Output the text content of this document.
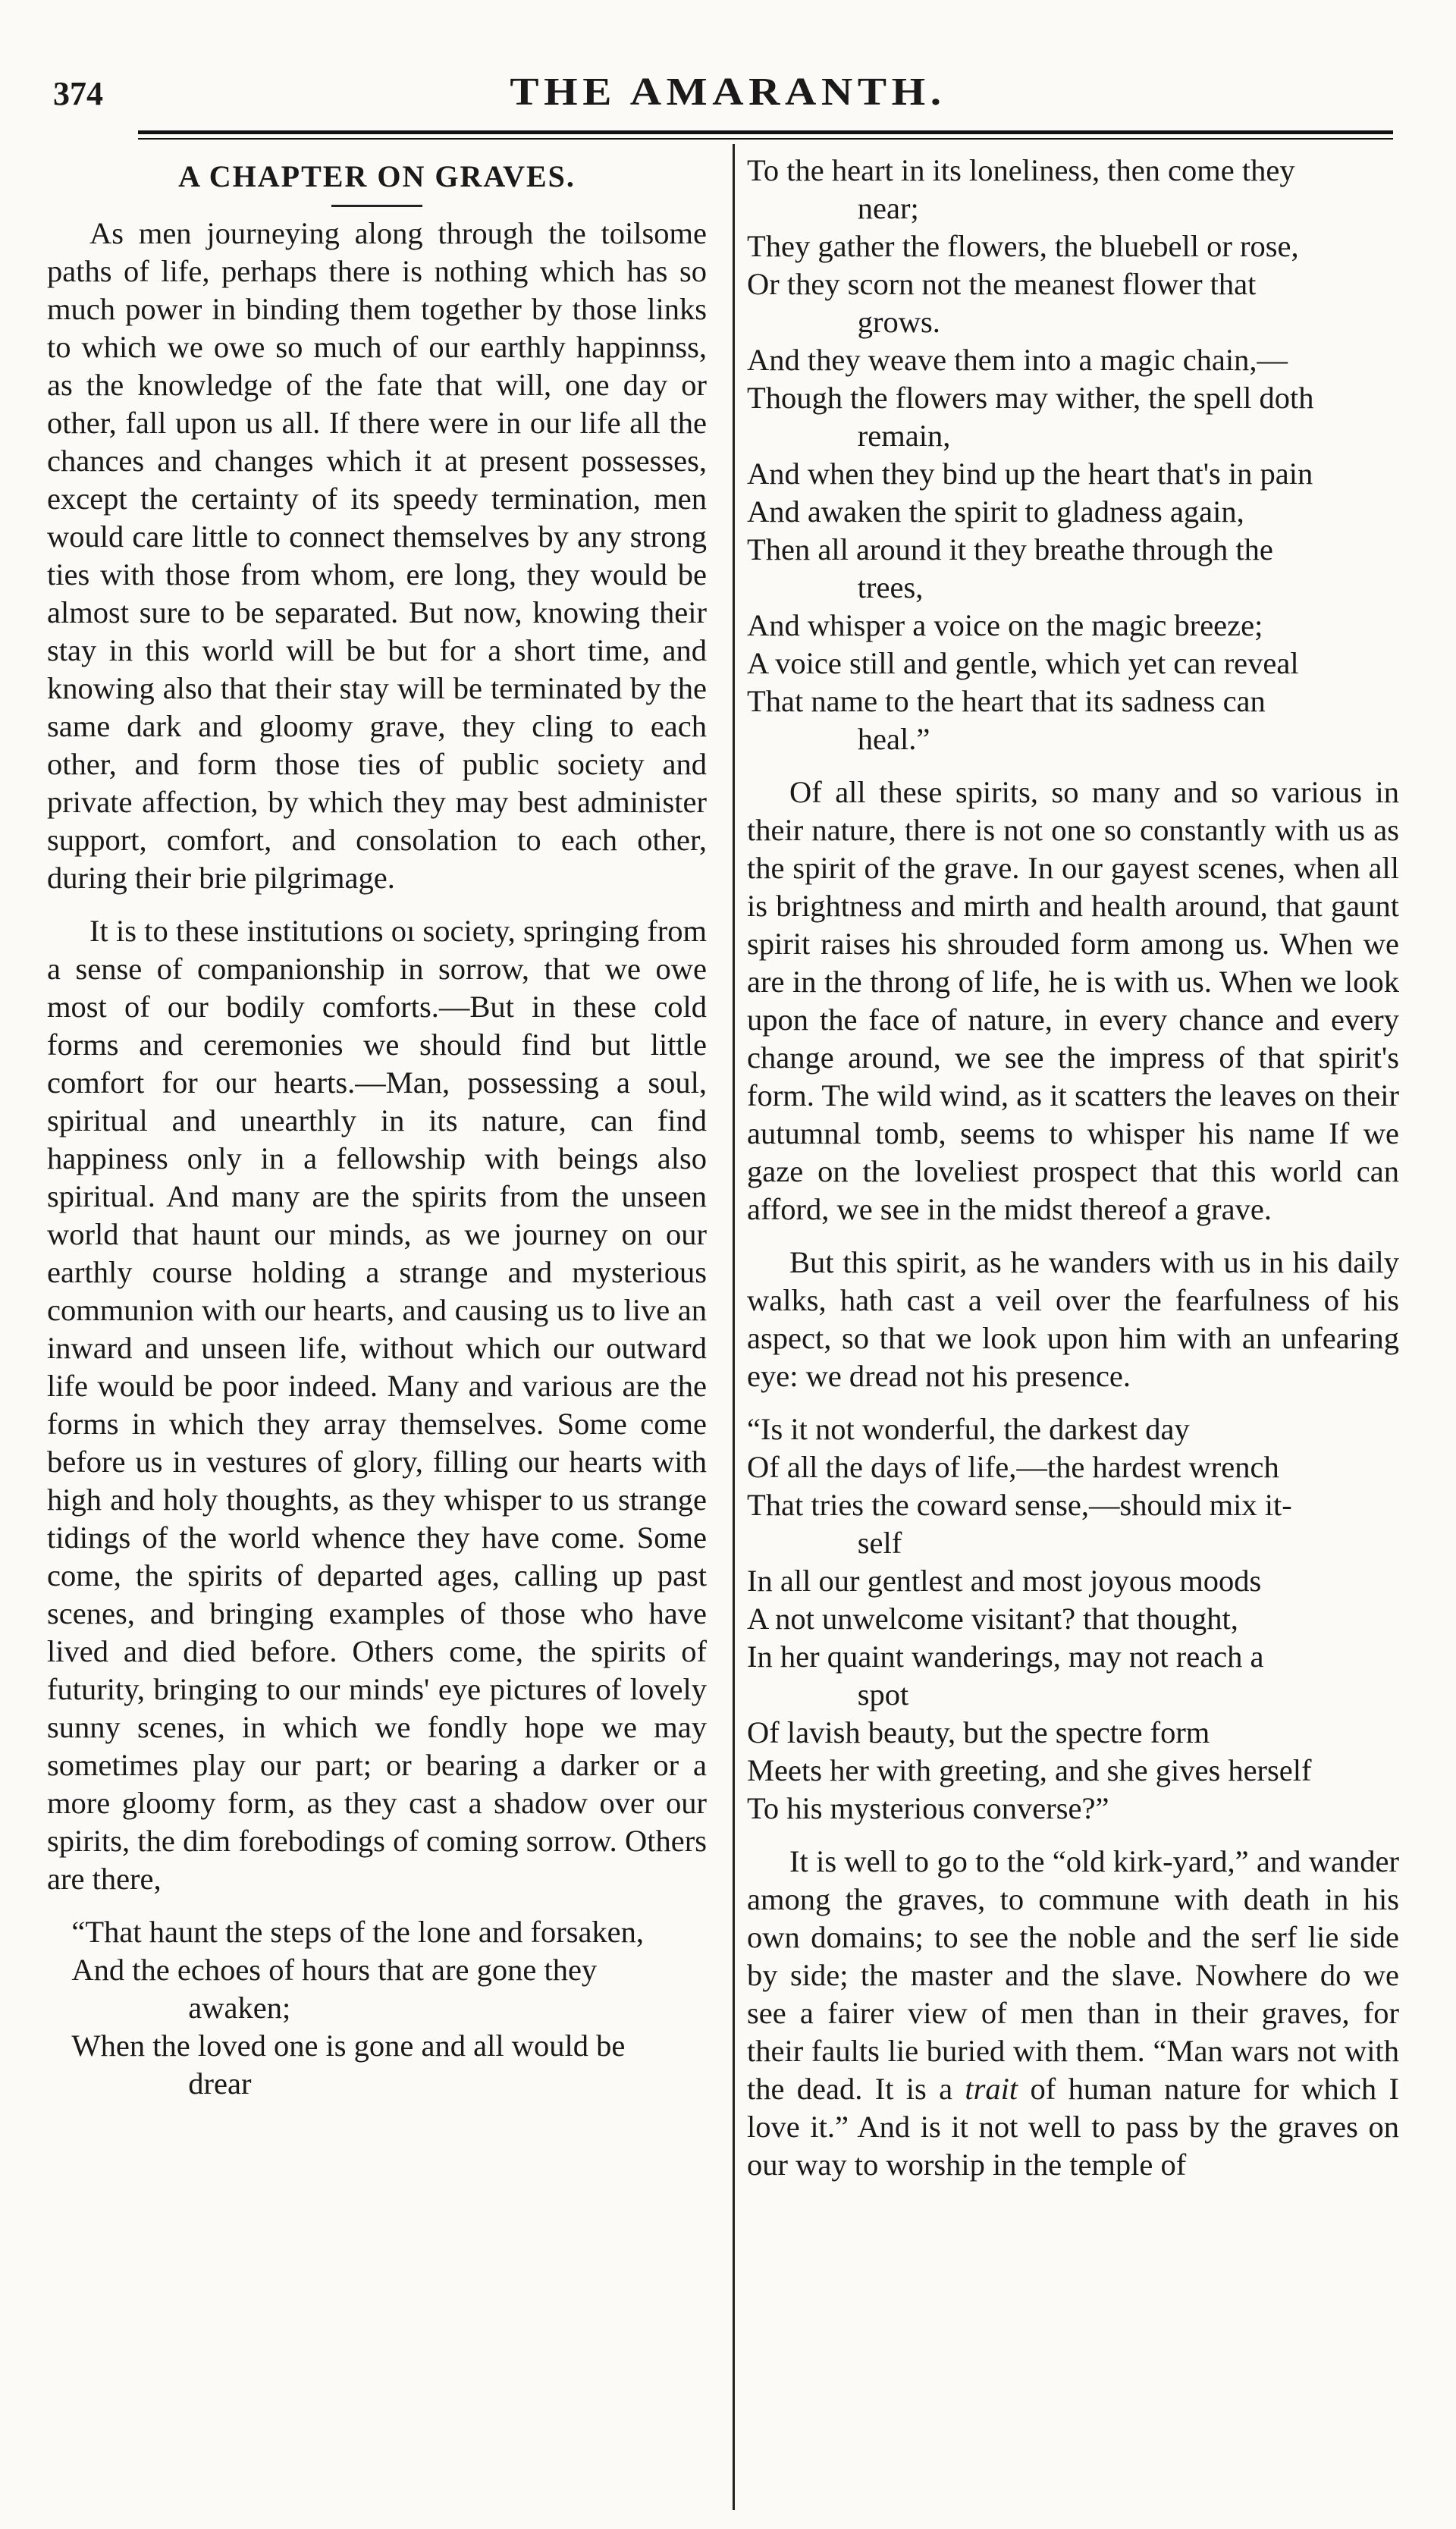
374	THE AMARANTH.
A CHAPTER ON GRAVES.

As men journeying along through the toilsome paths of life, perhaps there is nothing which has so much power in binding them together by those links to which we owe so much of our earthly happinnss, as the knowledge of the fate that will, one day or other, fall upon us all. If there were in our life all the chances and changes which it at present possesses, except the certainty of its speedy termination, men would care little to connect themselves by any strong ties with those from whom, ere long, they would be almost sure to be separated. But now, knowing their stay in this world will be but for a short time, and knowing also that their stay will be terminated by the same dark and gloomy grave, they cling to each other, and form those ties of public society and private affection, by which they may best administer support, comfort, and consolation to each other, during their brie pilgrimage.

It is to these institutions oı society, springing from a sense of companionship in sorrow, that we owe most of our bodily comforts.—But in these cold forms and ceremonies we should find but little comfort for our hearts.—Man, possessing a soul, spiritual and unearthly in its nature, can find happiness only in a fellowship with beings also spiritual. And many are the spirits from the unseen world that haunt our minds, as we journey on our earthly course holding a strange and mysterious communion with our hearts, and causing us to live an inward and unseen life, without which our outward life would be poor indeed. Many and various are the forms in which they array themselves. Some come before us in vestures of glory, filling our hearts with high and holy thoughts, as they whisper to us strange tidings of the world whence they have come. Some come, the spirits of departed ages, calling up past scenes, and bringing examples of those who have lived and died before. Others come, the spirits of futurity, bringing to our minds' eye pictures of lovely sunny scenes, in which we fondly hope we may sometimes play our part; or bearing a darker or a more gloomy form, as they cast a shadow over our spirits, the dim forebodings of coming sorrow. Others are there,

“That haunt the steps of the lone and forsaken,
And the echoes of hours that are gone they
awaken;
When the loved one is gone and all would be
drear
To the heart in its loneliness, then come they
near;
They gather the flowers, the bluebell or rose,
Or they scorn not the meanest flower that
grows.
And they weave them into a magic chain,—
Though the flowers may wither, the spell doth
remain,
And when they bind up the heart that's in pain
And awaken the spirit to gladness again,
Then all around it they breathe through the
trees,
And whisper a voice on the magic breeze;
A voice still and gentle, which yet can reveal
That name to the heart that its sadness can
heal.”

Of all these spirits, so many and so various in their nature, there is not one so constantly with us as the spirit of the grave. In our gayest scenes, when all is brightness and mirth and health around, that gaunt spirit raises his shrouded form among us. When we are in the throng of life, he is with us. When we look upon the face of nature, in every chance and every change around, we see the impress of that spirit's form. The wild wind, as it scatters the leaves on their autumnal tomb, seems to whisper his name If we gaze on the loveliest prospect that this world can afford, we see in the midst thereof a grave.

But this spirit, as he wanders with us in his daily walks, hath cast a veil over the fearfulness of his aspect, so that we look upon him with an unfearing eye: we dread not his presence.

“Is it not wonderful, the darkest day
Of all the days of life,—the hardest wrench
That tries the coward sense,—should mix it-
self
In all our gentlest and most joyous moods
A not unwelcome visitant? that thought,
In her quaint wanderings, may not reach a
spot
Of lavish beauty, but the spectre form
Meets her with greeting, and she gives herself
To his mysterious converse?”

It is well to go to the “old kirk-yard,” and wander among the graves, to commune with death in his own domains; to see the noble and the serf lie side by side; the master and the slave. Nowhere do we see a fairer view of men than in their graves, for their faults lie buried with them. “Man wars not with the dead. It is a trait of human nature for which I love it.” And is it not well to pass by the graves on our way to worship in the temple of
